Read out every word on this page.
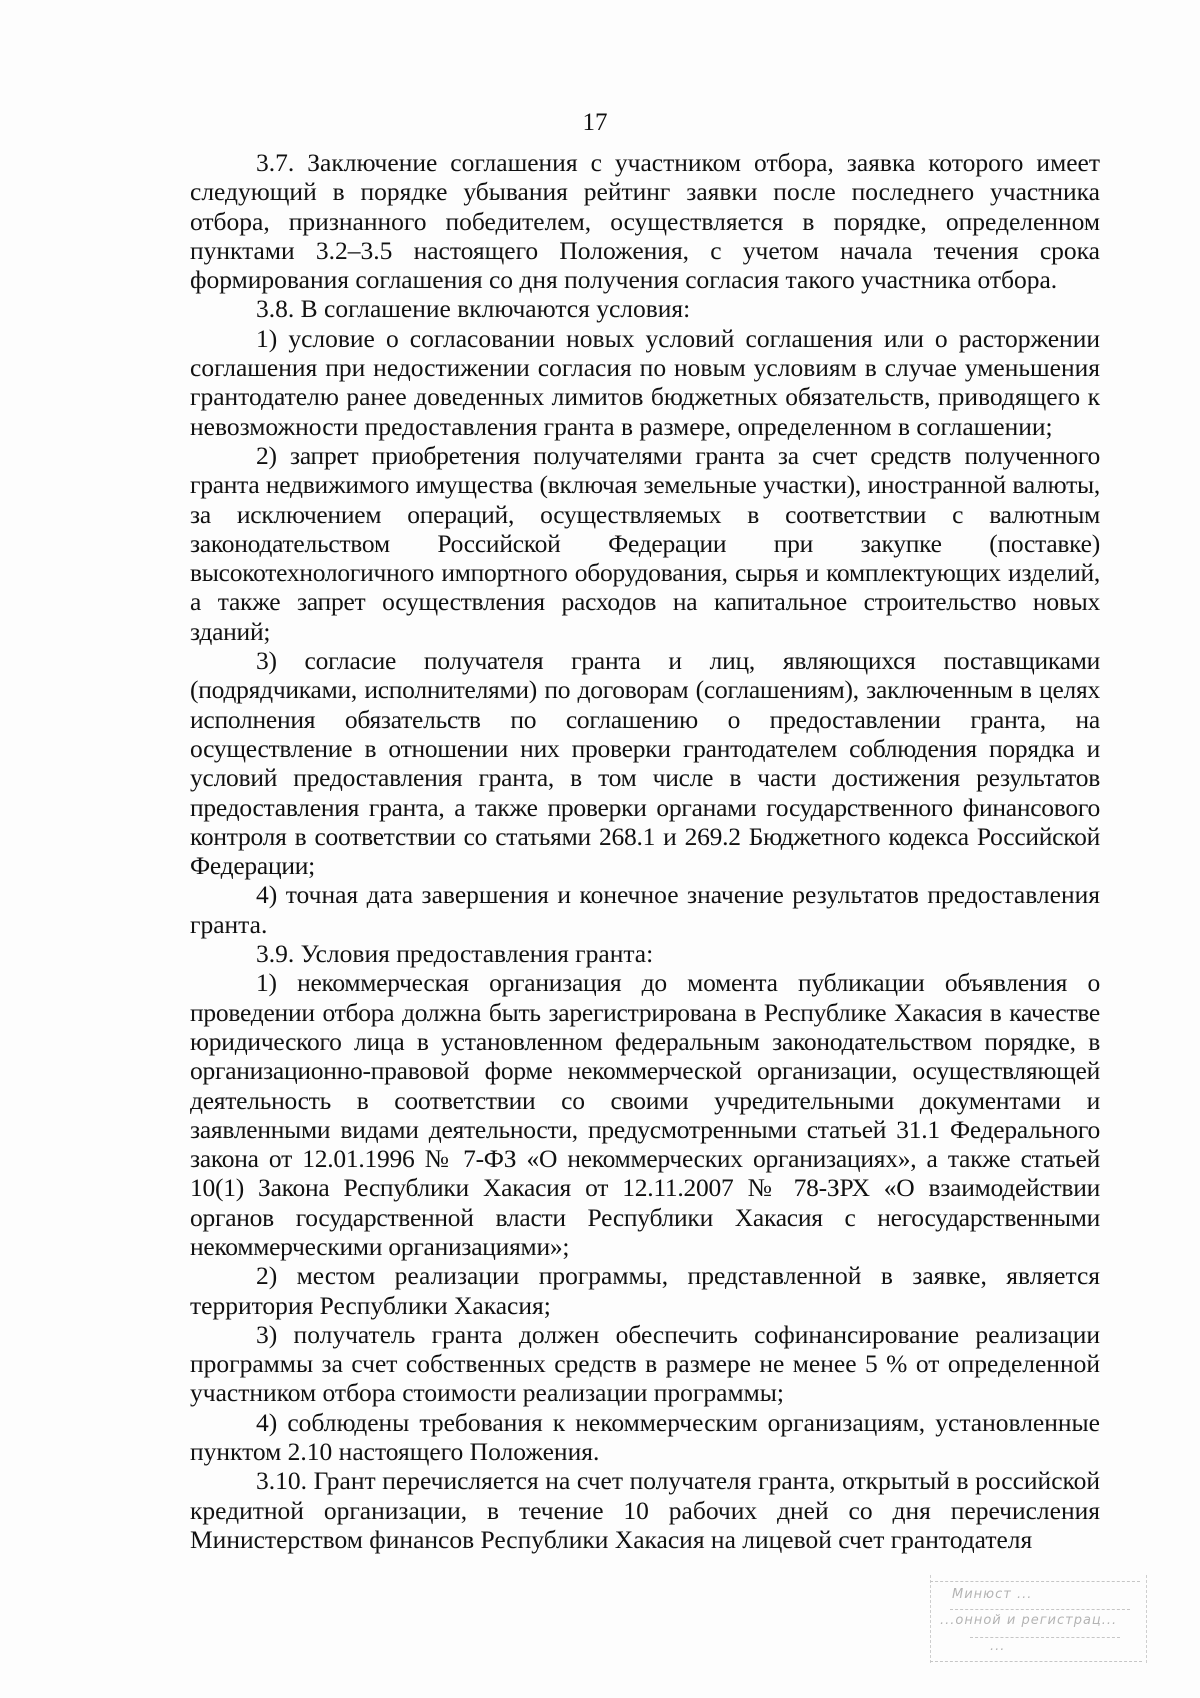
17

3.7. Заключение соглашения с участником отбора, заявка которого имеет следующий в порядке убывания рейтинг заявки после последнего участника отбора, признанного победителем, осуществляется в порядке, определенном пунктами 3.2–3.5 настоящего Положения, с учетом начала течения срока формирования соглашения со дня получения согласия такого участника отбора.

3.8. В соглашение включаются условия:

1) условие о согласовании новых условий соглашения или о расторжении соглашения при недостижении согласия по новым условиям в случае уменьшения грантодателю ранее доведенных лимитов бюджетных обязательств, приводящего к невозможности предоставления гранта в размере, определенном в соглашении;

2) запрет приобретения получателями гранта за счет средств полученного гранта недвижимого имущества (включая земельные участки), иностранной валюты, за исключением операций, осуществляемых в соответствии с валютным законодательством Российской Федерации при закупке (поставке) высокотехнологичного импортного оборудования, сырья и комплектующих изделий, а также запрет осуществления расходов на капитальное строительство новых зданий;

3) согласие получателя гранта и лиц, являющихся поставщиками (подрядчиками, исполнителями) по договорам (соглашениям), заключенным в целях исполнения обязательств по соглашению о предоставлении гранта, на осуществление в отношении них проверки грантодателем соблюдения порядка и условий предоставления гранта, в том числе в части достижения результатов предоставления гранта, а также проверки органами государственного финансового контроля в соответствии со статьями 268.1 и 269.2 Бюджетного кодекса Российской Федерации;

4) точная дата завершения и конечное значение результатов предоставления гранта.

3.9. Условия предоставления гранта:

1) некоммерческая организация до момента публикации объявления о проведении отбора должна быть зарегистрирована в Республике Хакасия в качестве юридического лица в установленном федеральным законодательством порядке, в организационно-правовой форме некоммерческой организации, осуществляющей деятельность в соответствии со своими учредительными документами и заявленными видами деятельности, предусмотренными статьей 31.1 Федерального закона от 12.01.1996 № 7-ФЗ «О некоммерческих организациях», а также статьей 10(1) Закона Республики Хакасия от 12.11.2007 № 78-ЗРХ «О взаимодействии органов государственной власти Республики Хакасия с негосударственными некоммерческими организациями»;

2) местом реализации программы, представленной в заявке, является территория Республики Хакасия;

3) получатель гранта должен обеспечить софинансирование реализации программы за счет собственных средств в размере не менее 5 % от определенной участником отбора стоимости реализации программы;

4) соблюдены требования к некоммерческим организациям, установленные пунктом 2.10 настоящего Положения.

3.10. Грант перечисляется на счет получателя гранта, открытый в российской кредитной организации, в течение 10 рабочих дней со дня перечисления Министерством финансов Республики Хакасия на лицевой счет грантодателя

Минюст ...
...онной и регистрац...
...
